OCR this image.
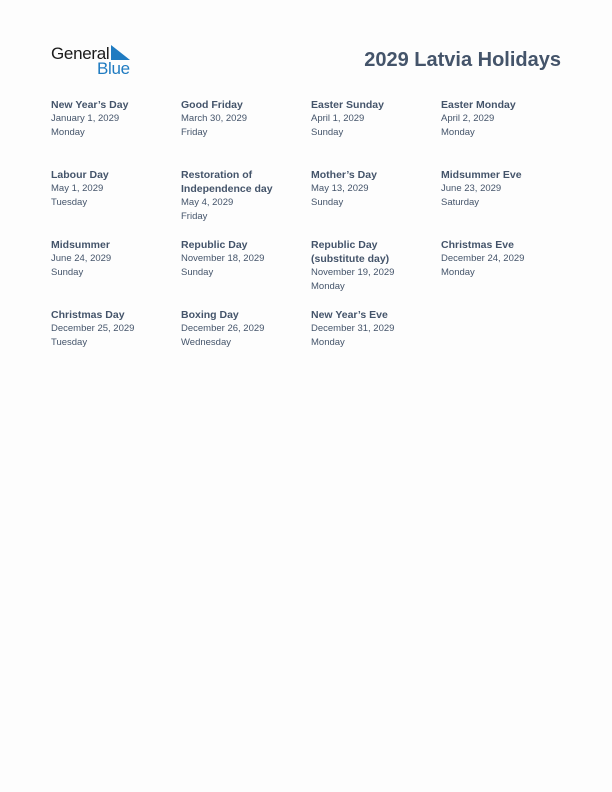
General
Blue	2029 Latvia Holidays
New Year’s Day
January 1, 2029
Monday
Good Friday
March 30, 2029
Friday
Easter Sunday
April 1, 2029
Sunday
Easter Monday
April 2, 2029
Monday
Labour Day
May 1, 2029
Tuesday
Restoration of
Independence day
May 4, 2029
Friday
Mother’s Day
May 13, 2029
Sunday
Midsummer Eve
June 23, 2029
Saturday
Midsummer
June 24, 2029
Sunday
Republic Day
November 18, 2029
Sunday
Republic Day
(substitute day)
November 19, 2029
Monday
Christmas Eve
December 24, 2029
Monday
Christmas Day
December 25, 2029
Tuesday
Boxing Day
December 26, 2029
Wednesday
New Year’s Eve
December 31, 2029
Monday
